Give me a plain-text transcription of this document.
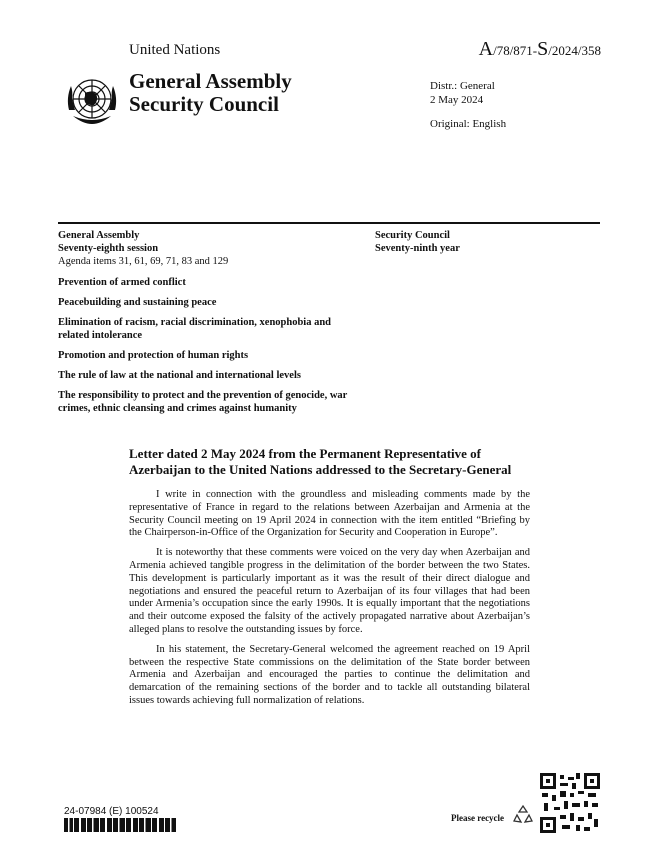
United Nations	A/78/871-S/2024/358
General Assembly
Security Council
Distr.: General
2 May 2024
Original: English
General Assembly
Seventy-eighth session
Agenda items 31, 61, 69, 71, 83 and 129
Security Council
Seventy-ninth year
Prevention of armed conflict
Peacebuilding and sustaining peace
Elimination of racism, racial discrimination, xenophobia and related intolerance
Promotion and protection of human rights
The rule of law at the national and international levels
The responsibility to protect and the prevention of genocide, war crimes, ethnic cleansing and crimes against humanity
Letter dated 2 May 2024 from the Permanent Representative of Azerbaijan to the United Nations addressed to the Secretary-General

I write in connection with the groundless and misleading comments made by the representative of France in regard to the relations between Azerbaijan and Armenia at the Security Council meeting on 19 April 2024 in connection with the item entitled “Briefing by the Chairperson-in-Office of the Organization for Security and Cooperation in Europe”.

It is noteworthy that these comments were voiced on the very day when Azerbaijan and Armenia achieved tangible progress in the delimitation of the border between the two States. This development is particularly important as it was the result of their direct dialogue and negotiations and ensured the peaceful return to Azerbaijan of its four villages that had been under Armenia’s occupation since the early 1990s. It is equally important that the negotiations and their outcome exposed the falsity of the actively propagated narrative about Azerbaijan’s alleged plans to resolve the outstanding issues by force.

In his statement, the Secretary-General welcomed the agreement reached on 19 April between the respective State commissions on the delimitation of the State border between Armenia and Azerbaijan and encouraged the parties to continue the delimitation and demarcation of the remaining sections of the border and to tackle all outstanding bilateral issues towards achieving full normalization of relations.

24-07984 (E) 100524
Please recycle
